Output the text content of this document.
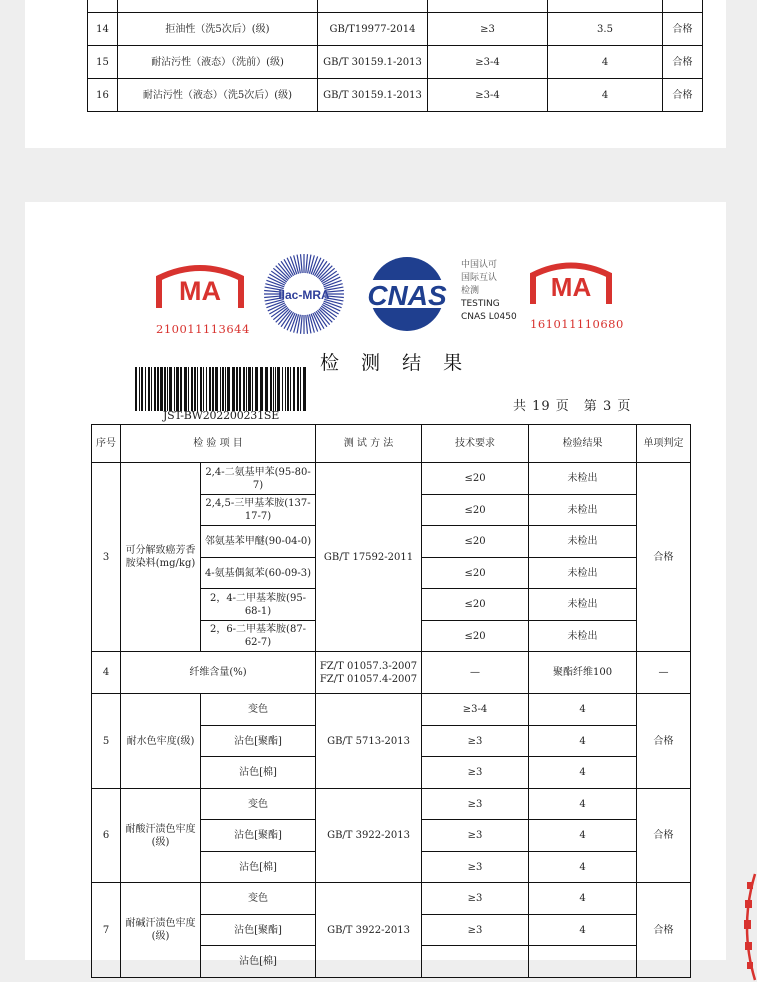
14	拒油性（洗5次后）(级)	GB/T19977-2014	≥3	3.5	合格
15	耐沾污性（液态）（洗前）(级)	GB/T 30159.1-2013	≥3-4	4	合格
16	耐沾污性（液态）（洗5次后）(级)	GB/T 30159.1-2013	≥3-4	4	合格
MA
210011113644
ilac-MRA CNAS
中国认可
国际互认
检测
TESTING
CNAS L0450
MA
161011110680
检 测 结 果
JST-BW202200231SE
共 19 页　第 3 页
序号	检 验 项 目		测 试 方 法	技术要求	检验结果	单项判定
3	可分解致癌芳香胺染料(mg/kg)	2,4-二氨基甲苯(95-80-7)	GB/T 17592-2011	≤20	未检出	合格
		2,4,5-三甲基苯胺(137-17-7)		≤20	未检出	
		邻氨基苯甲醚(90-04-0)		≤20	未检出	
		4-氨基偶氮苯(60-09-3)		≤20	未检出	
		2，4-二甲基苯胺(95-68-1)		≤20	未检出	
		2，6-二甲基苯胺(87-62-7)		≤20	未检出	
4	纤维含量(%)		FZ/T 01057.3-2007
FZ/T 01057.4-2007	—	聚酯纤维100	—
5	耐水色牢度(级)	变色	GB/T 5713-2013	≥3-4	4	合格
		沾色[聚酯]		≥3	4	
		沾色[棉]		≥3	4	
6	耐酸汗渍色牢度(级)	变色	GB/T 3922-2013	≥3	4	合格
		沾色[聚酯]		≥3	4	
		沾色[棉]		≥3	4	
7	耐碱汗渍色牢度(级)	变色	GB/T 3922-2013	≥3	4	合格
		沾色[聚酯]		≥3	4	
		沾色[棉]				
